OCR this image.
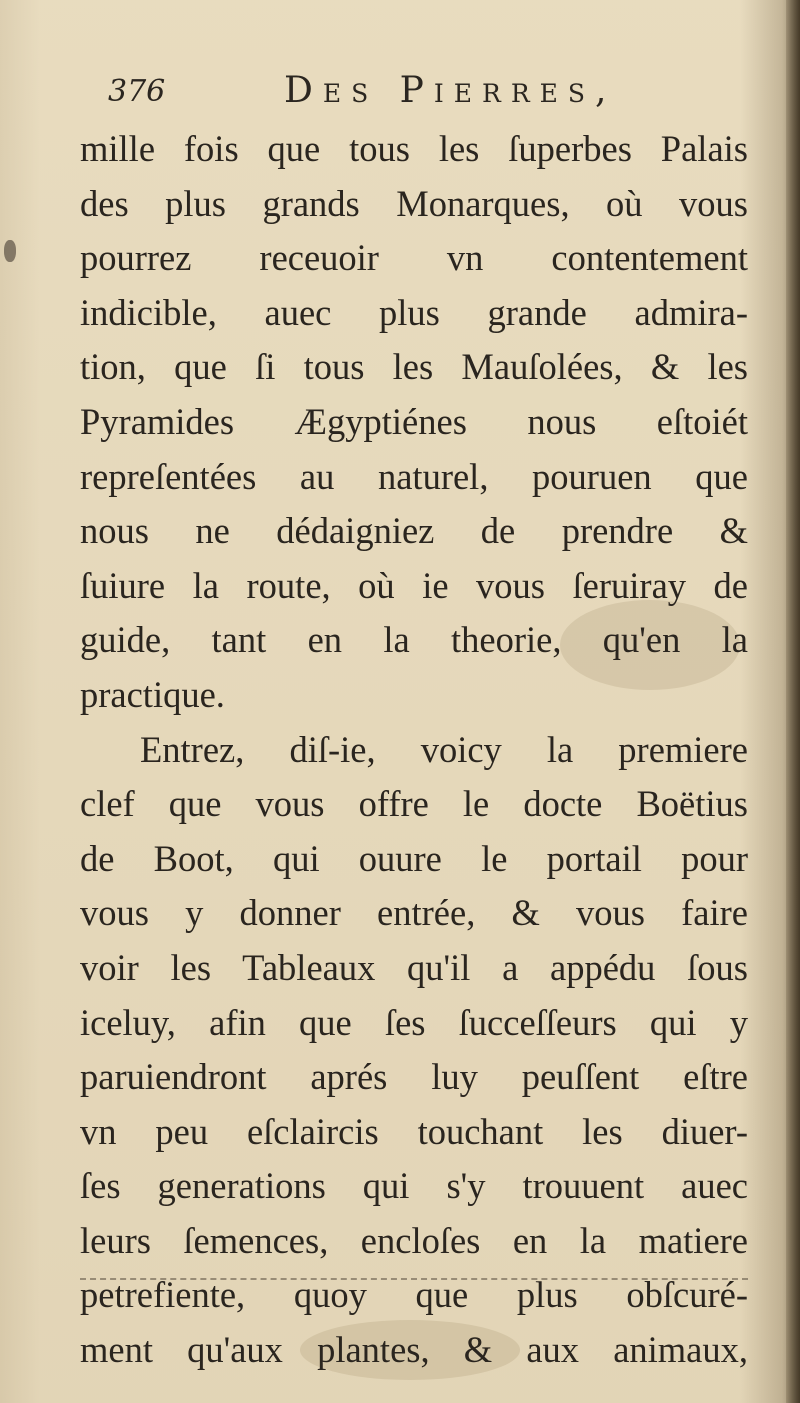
376	Des Pierres,
mille fois que tous les ſuperbes Palais
des plus grands Monarques, où vous
pourrez receuoir vn contentement
indicible, auec plus grande admira-
tion, que ſi tous les Mauſolées, & les
Pyramides Ægyptiénes nous eſtoiét
repreſentées au naturel, pouruen que
nous ne dédaigniez de prendre &
ſuiure la route, où ie vous ſeruiray de
guide, tant en la theorie, qu'en la
practique.
Entrez, diſ-ie, voicy la premiere
clef que vous offre le docte Boëtius
de Boot, qui ouure le portail pour
vous y donner entrée, & vous faire
voir les Tableaux qu'il a appédu ſous
iceluy, afin que ſes ſucceſſeurs qui y
paruiendront aprés luy peuſſent eſtre
vn peu eſclaircis touchant les diuer-
ſes generations qui s'y trouuent auec
leurs ſemences, encloſes en la matiere
petrefiente, quoy que plus obſcuré-
ment qu'aux plantes, & aux animaux,
